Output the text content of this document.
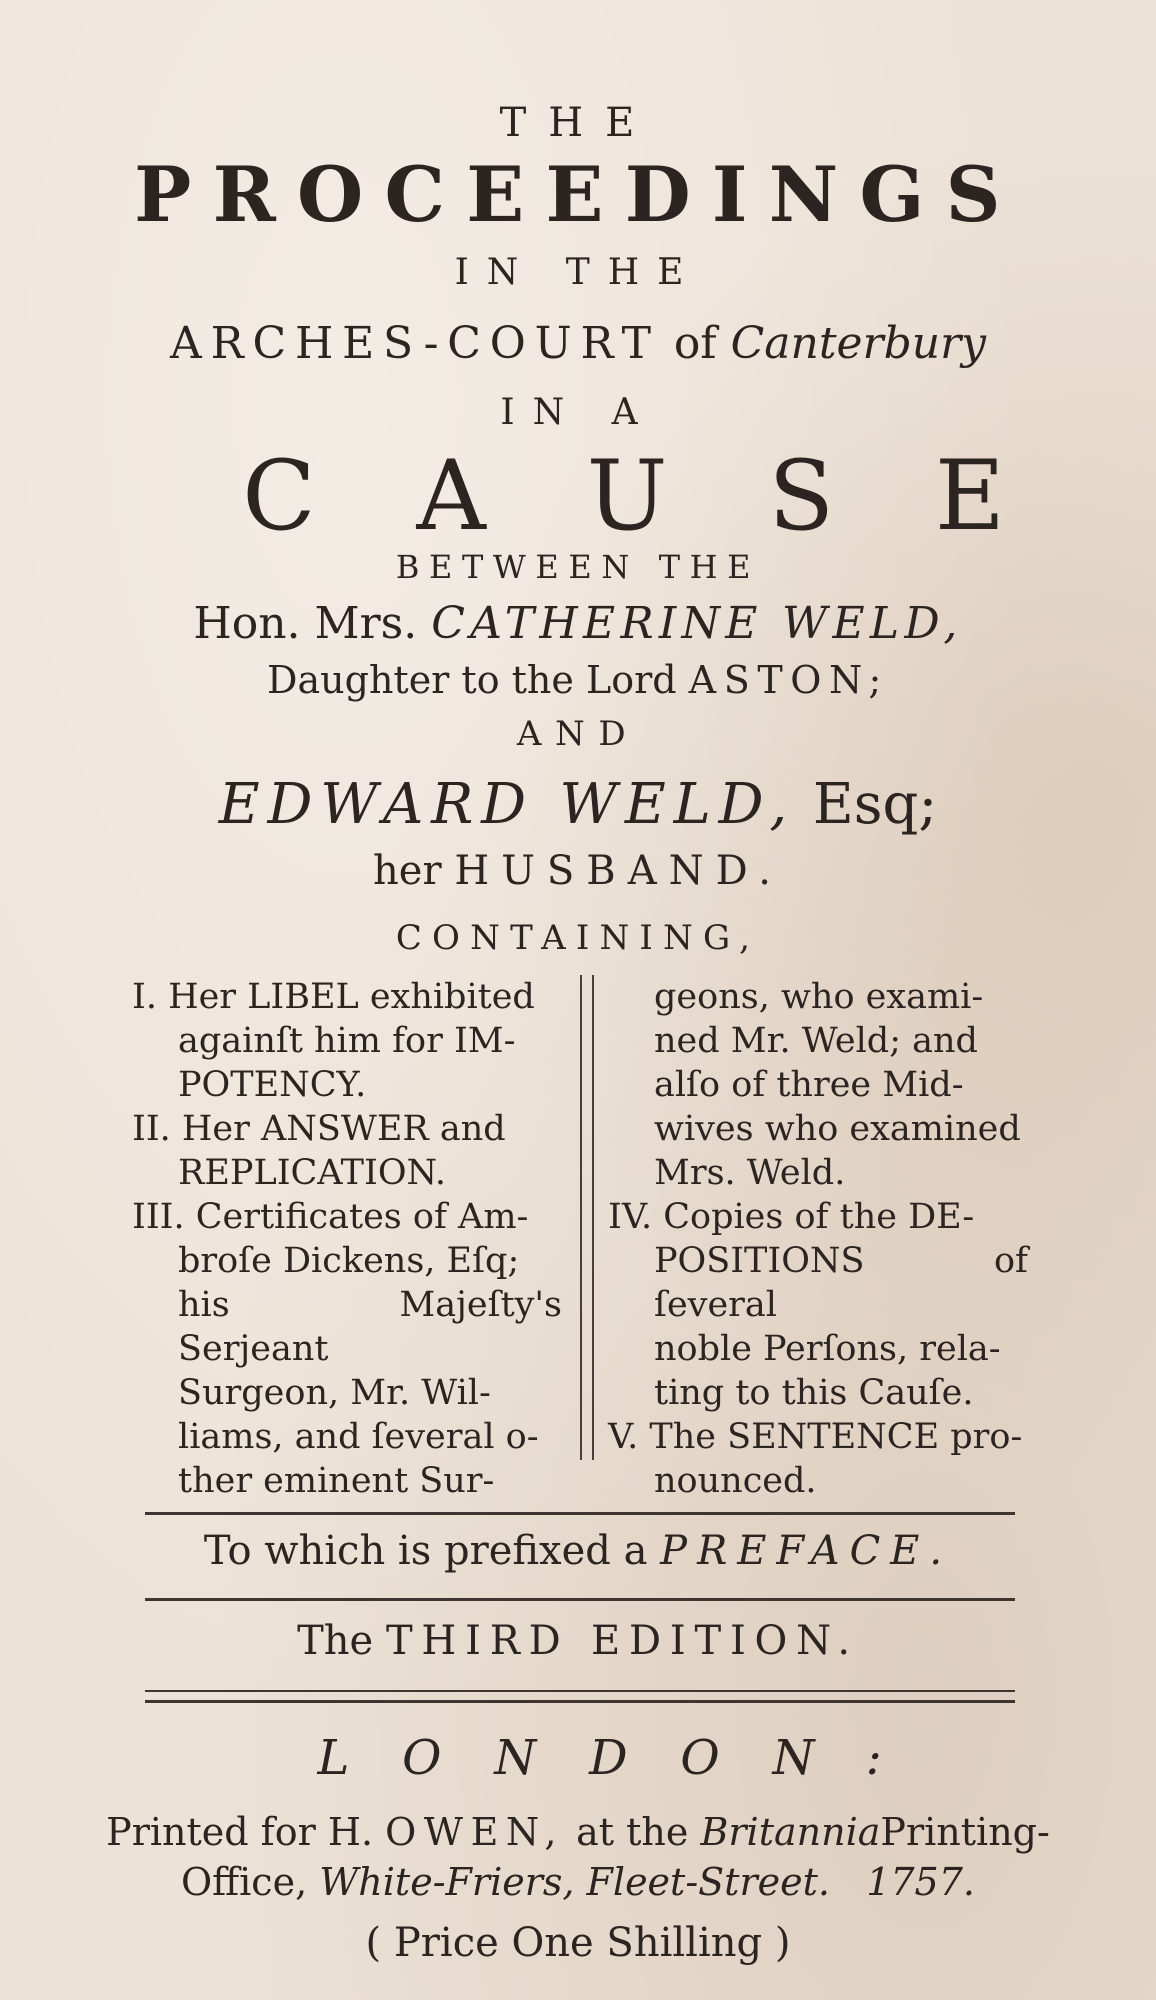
THE
PROCEEDINGS
IN THE
ARCHES-COURT of Canterbury
IN A
CAUSE
BETWEEN THE
Hon. Mrs. CATHERINE WELD,
Daughter to the Lord ASTON;
AND
EDWARD WELD, Esq;
her HUSBAND.
CONTAINING,
I. Her LIBEL exhibited
againſt him for IM-
POTENCY.
II. Her ANSWER and
REPLICATION.
III. Certificates of Am-
broſe Dickens, Eſq;
his Majeſty's Serjeant
Surgeon, Mr. Wil-
liams, and ſeveral o-
ther eminent Sur-
geons, who exami-
ned Mr. Weld; and
alſo of three Mid-
wives who examined
Mrs. Weld.
IV. Copies of the DE-
POSITIONS of ſeveral
noble Perſons, rela-
ting to this Cauſe.
V. The SENTENCE pro-
nounced.
To which is prefixed a PREFACE.
The THIRD EDITION.
LONDON:
Printed for H. OWEN, at the BritanniaPrinting-
Office, White-Friers, Fleet-Street. 1757.
( Price One Shilling )
